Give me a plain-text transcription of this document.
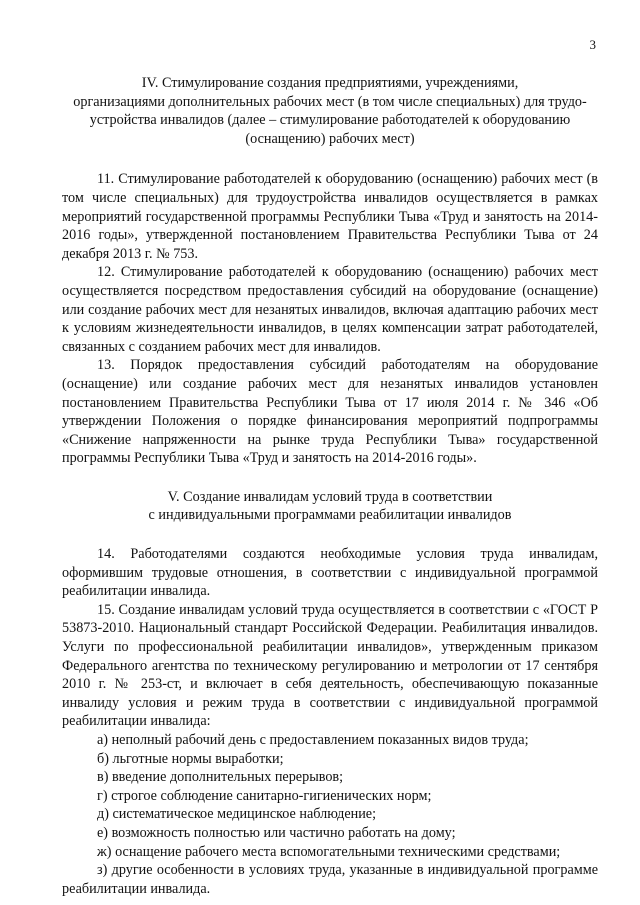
3
IV. Стимулирование создания предприятиями, учреждениями,
организациями дополнительных рабочих мест (в том числе специальных) для трудо-
устройства инвалидов (далее – стимулирование работодателей к оборудованию
(оснащению) рабочих мест)

11. Стимулирование работодателей к оборудованию (оснащению) рабочих мест (в том числе специальных) для трудоустройства инвалидов осуществляется в рамках мероприятий государственной программы Республики Тыва «Труд и занятость на 2014-2016 годы», утвержденной постановлением Правительства Республики Тыва от 24 декабря 2013 г. № 753.

12. Стимулирование работодателей к оборудованию (оснащению) рабочих мест осуществляется посредством предоставления субсидий на оборудование (оснащение) или создание рабочих мест для незанятых инвалидов, включая адаптацию рабочих мест к условиям жизнедеятельности инвалидов, в целях компенсации затрат работодателей, связанных с созданием рабочих мест для инвалидов.

13. Порядок предоставления субсидий работодателям на оборудование (оснащение) или создание рабочих мест для незанятых инвалидов установлен постановлением Правительства Республики Тыва от 17 июля 2014 г. № 346 «Об утверждении Положения о порядке финансирования мероприятий подпрограммы «Снижение напряженности на рынке труда Республики Тыва» государственной программы Республики Тыва «Труд и занятость на 2014-2016 годы».

V. Создание инвалидам условий труда в соответствии
с индивидуальными программами реабилитации инвалидов

14. Работодателями создаются необходимые условия труда инвалидам, оформившим трудовые отношения, в соответствии с индивидуальной программой реабилитации инвалида.

15. Создание инвалидам условий труда осуществляется в соответствии с «ГОСТ Р 53873-2010. Национальный стандарт Российской Федерации. Реабилитация инвалидов. Услуги по профессиональной реабилитации инвалидов», утвержденным приказом Федерального агентства по техническому регулированию и метрологии от 17 сентября 2010 г. № 253-ст, и включает в себя деятельность, обеспечивающую показанные инвалиду условия и режим труда в соответствии с индивидуальной программой реабилитации инвалида:

а) неполный рабочий день с предоставлением показанных видов труда;

б) льготные нормы выработки;

в) введение дополнительных перерывов;

г) строгое соблюдение санитарно-гигиенических норм;

д) систематическое медицинское наблюдение;

е) возможность полностью или частично работать на дому;

ж) оснащение рабочего места вспомогательными техническими средствами;

з) другие особенности в условиях труда, указанные в индивидуальной программе реабилитации инвалида.
